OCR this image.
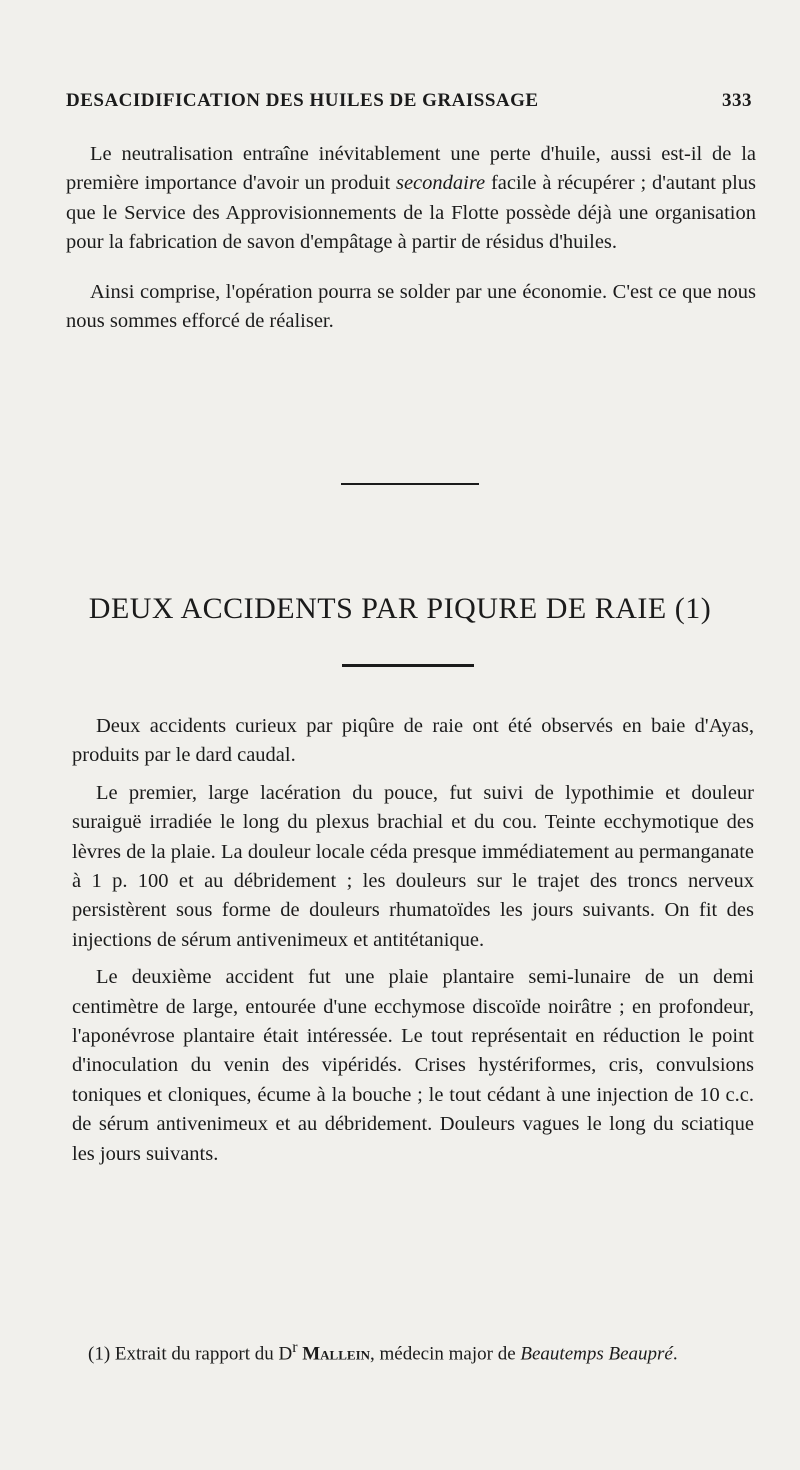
DESACIDIFICATION DES HUILES DE GRAISSAGE	333

Le neutralisation entraîne inévitablement une perte d'huile, aussi est-il de la première importance d'avoir un produit secondaire facile à récupérer ; d'autant plus que le Service des Approvisionnements de la Flotte possède déjà une organisation pour la fabrication de savon d'empâtage à partir de résidus d'huiles.

Ainsi comprise, l'opération pourra se solder par une économie. C'est ce que nous nous sommes efforcé de réaliser.

DEUX ACCIDENTS PAR PIQURE DE RAIE (1)

Deux accidents curieux par piqûre de raie ont été observés en baie d'Ayas, produits par le dard caudal.

Le premier, large lacération du pouce, fut suivi de lypothimie et douleur suraiguë irradiée le long du plexus brachial et du cou. Teinte ecchymotique des lèvres de la plaie. La douleur locale céda presque immédiatement au permanganate à 1 p. 100 et au débridement ; les douleurs sur le trajet des troncs nerveux persistèrent sous forme de douleurs rhumatoïdes les jours suivants. On fit des injections de sérum antivenimeux et antitétanique.

Le deuxième accident fut une plaie plantaire semi-lunaire de un demi centimètre de large, entourée d'une ecchymose discoïde noirâtre ; en profondeur, l'aponévrose plantaire était intéressée. Le tout représentait en réduction le point d'inoculation du venin des vipéridés. Crises hystériformes, cris, convulsions toniques et cloniques, écume à la bouche ; le tout cédant à une injection de 10 c.c. de sérum antivenimeux et au débridement. Douleurs vagues le long du sciatique les jours suivants.

(1) Extrait du rapport du $D^r$ Mallein, médecin major de Beautemps Beaupré.
